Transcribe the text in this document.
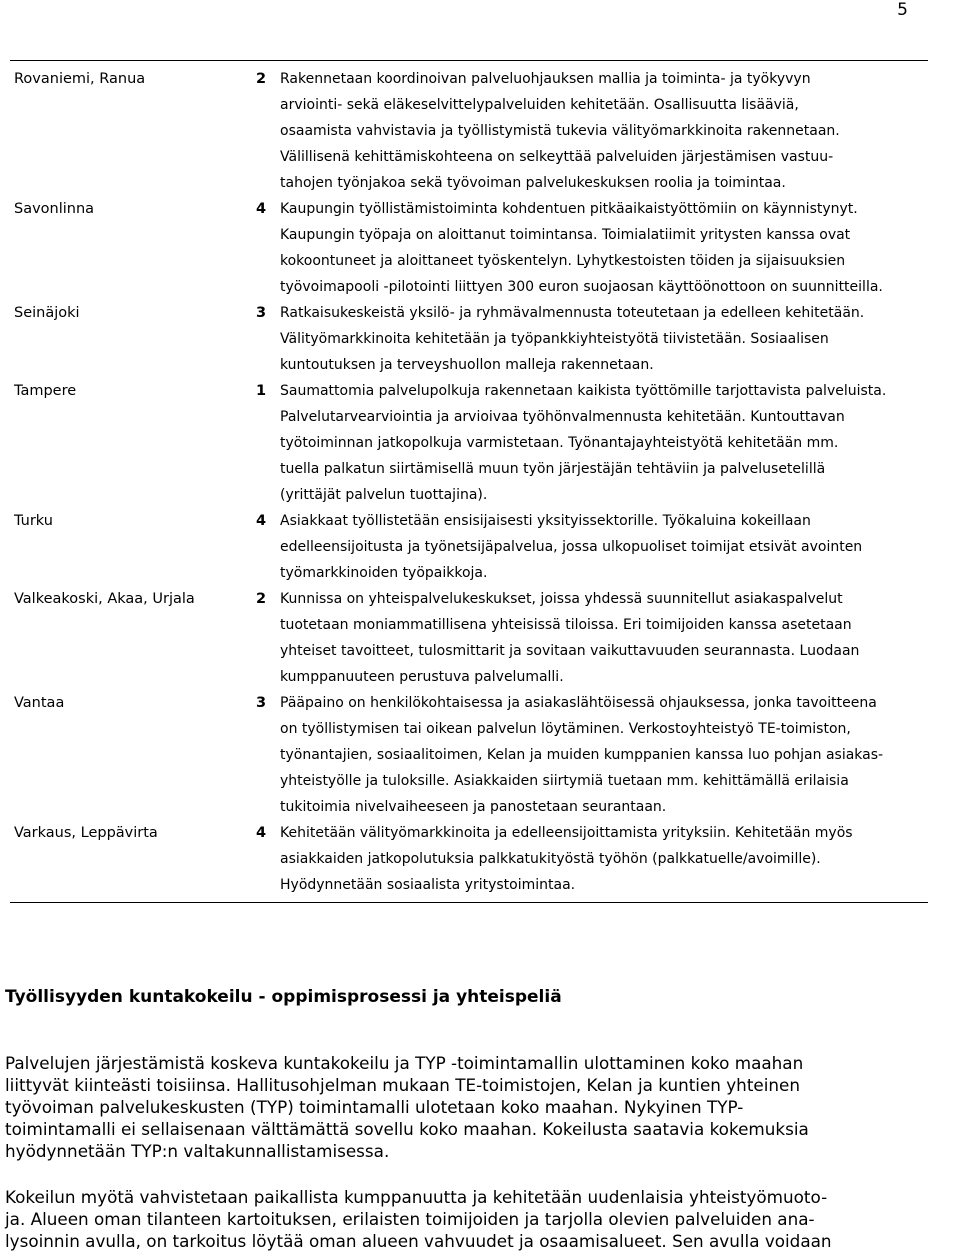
5
Rovaniemi, Ranua	2 Rakennetaan koordinoivan palveluohjauksen mallia ja toiminta- ja työkyvyn
arviointi- sekä eläkeselvittelypalveluiden kehitetään. Osallisuutta lisääviä,
osaamista vahvistavia ja työllistymistä tukevia välityömarkkinoita rakennetaan.
Välillisenä kehittämiskohteena on selkeyttää palveluiden järjestämisen vastuu-
tahojen työnjakoa sekä työvoiman palvelukeskuksen roolia ja toimintaa.
Savonlinna	4 Kaupungin työllistämistoiminta kohdentuen pitkäaikaistyöttömiin on käynnistynyt.
Kaupungin työpaja on aloittanut toimintansa. Toimialatiimit yritysten kanssa ovat
kokoontuneet ja aloittaneet työskentelyn. Lyhytkestoisten töiden ja sijaisuuksien
työvoimapooli -pilotointi liittyen 300 euron suojaosan käyttöönottoon on suunnitteilla.
Seinäjoki	3 Ratkaisukeskeistä yksilö- ja ryhmävalmennusta toteutetaan ja edelleen kehitetään.
Välityömarkkinoita kehitetään ja työpankkiyhteistyötä tiivistetään. Sosiaalisen
kuntoutuksen ja terveyshuollon malleja rakennetaan.
Tampere	1 Saumattomia palvelupolkuja rakennetaan kaikista työttömille tarjottavista palveluista.
Palvelutarvearviointia ja arvioivaa työhönvalmennusta kehitetään. Kuntouttavan
työtoiminnan jatkopolkuja varmistetaan. Työnantajayhteistyötä kehitetään mm.
tuella palkatun siirtämisellä muun työn järjestäjän tehtäviin ja palvelusetelillä
(yrittäjät palvelun tuottajina).
Turku	4 Asiakkaat työllistetään ensisijaisesti yksityissektorille. Työkaluina kokeillaan
edelleensijoitusta ja työnetsijäpalvelua, jossa ulkopuoliset toimijat etsivät avointen
työmarkkinoiden työpaikkoja.
Valkeakoski, Akaa, Urjala	2 Kunnissa on yhteispalvelukeskukset, joissa yhdessä suunnitellut asiakaspalvelut
tuotetaan moniammatillisena yhteisissä tiloissa. Eri toimijoiden kanssa asetetaan
yhteiset tavoitteet, tulosmittarit ja sovitaan vaikuttavuuden seurannasta. Luodaan
kumppanuuteen perustuva palvelumalli.
Vantaa	3 Pääpaino on henkilökohtaisessa ja asiakaslähtöisessä ohjauksessa, jonka tavoitteena
on työllistymisen tai oikean palvelun löytäminen. Verkostoyhteistyö TE-toimiston,
työnantajien, sosiaalitoimen, Kelan ja muiden kumppanien kanssa luo pohjan asiakas-
yhteistyölle ja tuloksille. Asiakkaiden siirtymiä tuetaan mm. kehittämällä erilaisia
tukitoimia nivelvaiheeseen ja panostetaan seurantaan.
Varkaus, Leppävirta	4 Kehitetään välityömarkkinoita ja edelleensijoittamista yrityksiin. Kehitetään myös
asiakkaiden jatkopolutuksia palkkatukityöstä työhön (palkkatuelle/avoimille).
Hyödynnetään sosiaalista yritystoimintaa.
Työllisyyden kuntakokeilu - oppimisprosessi ja yhteispeliä
Palvelujen järjestämistä koskeva kuntakokeilu ja TYP -toimintamallin ulottaminen koko maahan
liittyvät kiinteästi toisiinsa. Hallitusohjelman mukaan TE-toimistojen, Kelan ja kuntien yhteinen
työvoiman palvelukeskusten (TYP) toimintamalli ulotetaan koko maahan. Nykyinen TYP-
toimintamalli ei sellaisenaan välttämättä sovellu koko maahan. Kokeilusta saatavia kokemuksia
hyödynnetään TYP:n valtakunnallistamisessa.
Kokeilun myötä vahvistetaan paikallista kumppanuutta ja kehitetään uudenlaisia yhteistyömuoto-
ja. Alueen oman tilanteen kartoituksen, erilaisten toimijoiden ja tarjolla olevien palveluiden ana-
lysoinnin avulla, on tarkoitus löytää oman alueen vahvuudet ja osaamisalueet. Sen avulla voidaan
